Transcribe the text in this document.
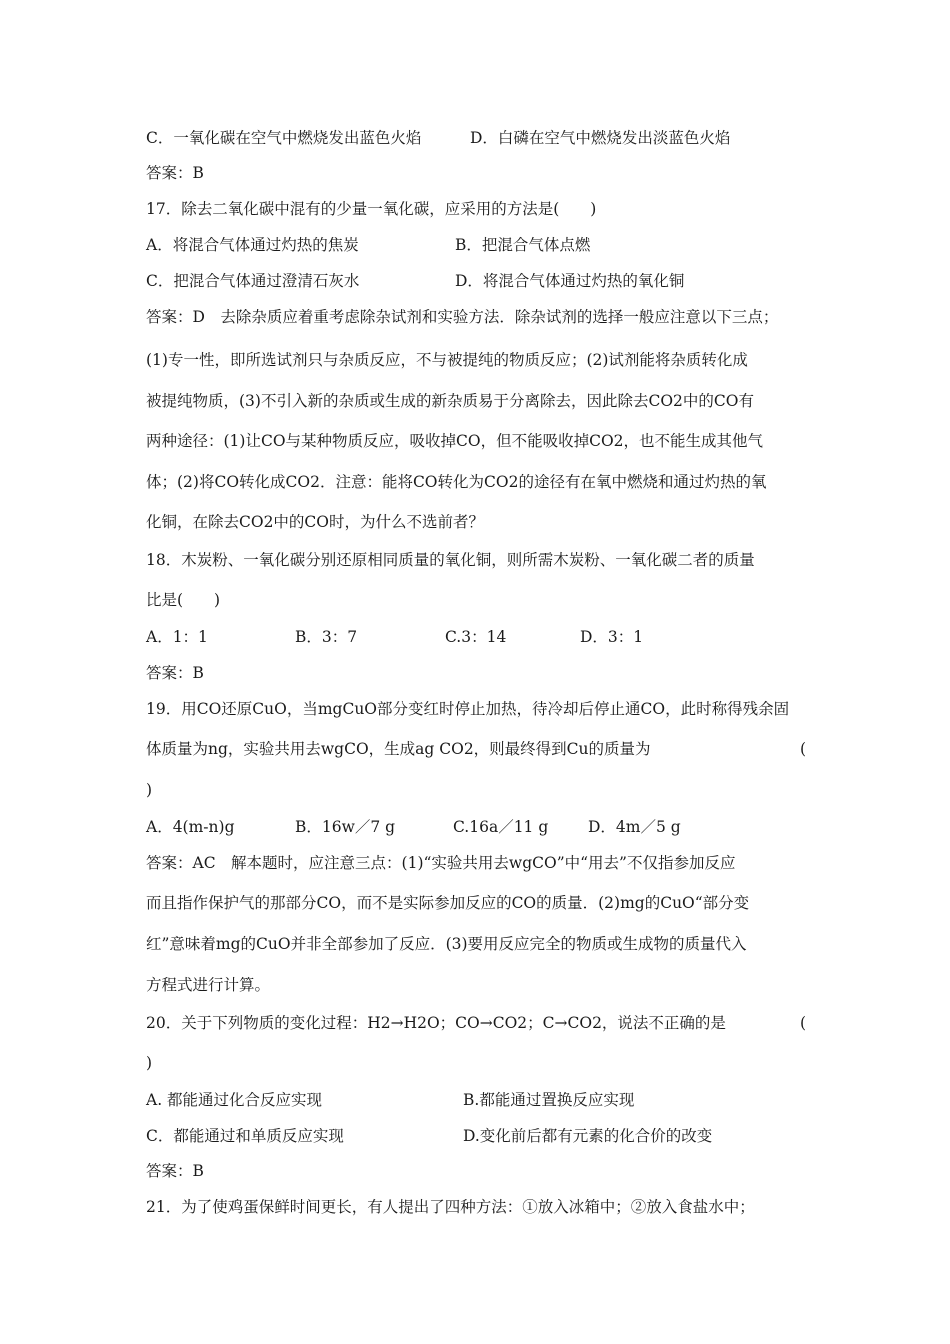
C．一氧化碳在空气中燃烧发出蓝色火焰	D．白磷在空气中燃烧发出淡蓝色火焰
答案：B
17．除去二氧化碳中混有的少量一氧化碳，应采用的方法是(　　)
A．将混合气体通过灼热的焦炭	B．把混合气体点燃
C．把混合气体通过澄清石灰水	D．将混合气体通过灼热的氧化铜
答案：D　去除杂质应着重考虑除杂试剂和实验方法．除杂试剂的选择一般应注意以下三点；
(1)专一性，即所选试剂只与杂质反应，不与被提纯的物质反应；(2)试剂能将杂质转化成
被提纯物质，(3)不引入新的杂质或生成的新杂质易于分离除去，因此除去CO2中的CO有
两种途径：(1)让CO与某种物质反应，吸收掉CO，但不能吸收掉CO2，也不能生成其他气
体；(2)将CO转化成CO2．注意：能将CO转化为CO2的途径有在氧中燃烧和通过灼热的氧
化铜，在除去CO2中的CO时，为什么不选前者？
18．木炭粉、一氧化碳分别还原相同质量的氧化铜，则所需木炭粉、一氧化碳二者的质量
比是(　　)
A．1：1	B．3：7	C.3：14	D．3：1
答案：B
19．用CO还原CuO，当mgCuO部分变红时停止加热，待冷却后停止通CO，此时称得残余固
体质量为ng，实验共用去wgCO，生成ag CO2，则最终得到Cu的质量为	(
)
A．4(m-n)g	B．16w／7 g	C.16a／11 g	D．4m／5 g
答案：AC　解本题时，应注意三点：(1)“实验共用去wgCO”中“用去”不仅指参加反应
而且指作保护气的那部分CO，而不是实际参加反应的CO的质量．(2)mg的CuO“部分变
红”意味着mg的CuO并非全部参加了反应．(3)要用反应完全的物质或生成物的质量代入
方程式进行计算。
20．关于下列物质的变化过程：H2→H2O；CO→CO2；C→CO2，说法不正确的是	(
)
A. 都能通过化合反应实现	B.都能通过置换反应实现
C．都能通过和单质反应实现	D.变化前后都有元素的化合价的改变
答案：B
21．为了使鸡蛋保鲜时间更长，有人提出了四种方法：①放入冰箱中；②放入食盐水中；
